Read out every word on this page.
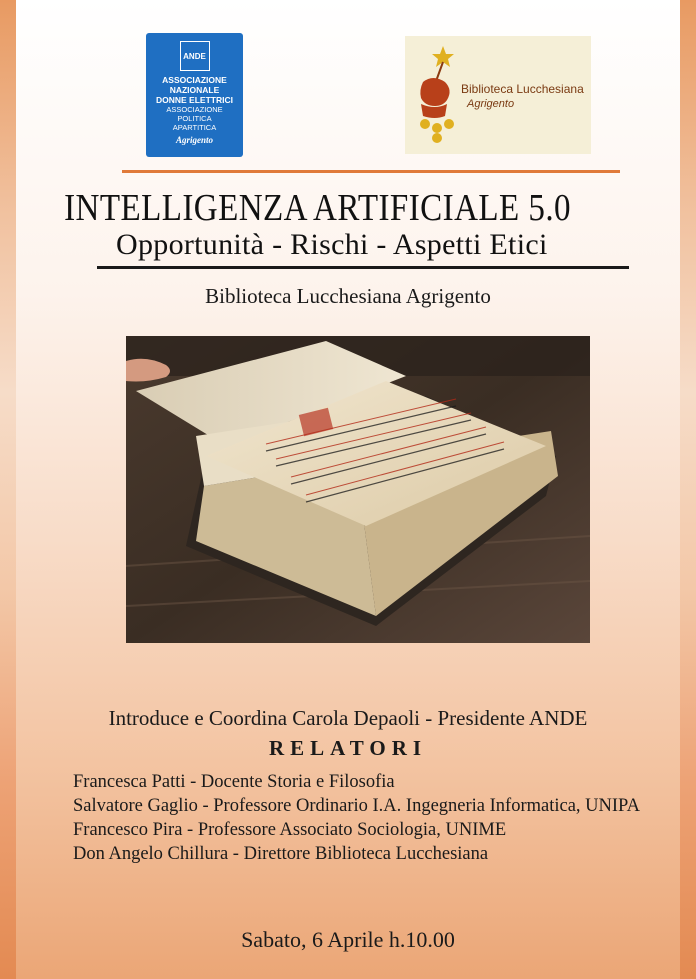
ANDE
ASSOCIAZIONE
NAZIONALE
DONNE ELETTRICI
ASSOCIAZIONE
POLITICA
APARTITICA
Agrigento
Biblioteca Lucchesiana
Agrigento
INTELLIGENZA ARTIFICIALE 5.0
Opportunità - Rischi - Aspetti Etici
Biblioteca Lucchesiana Agrigento
Introduce e Coordina Carola Depaoli - Presidente ANDE
RELATORI
Francesca Patti - Docente Storia e Filosofia
Salvatore Gaglio - Professore Ordinario I.A. Ingegneria Informatica, UNIPA
Francesco Pira - Professore Associato Sociologia, UNIME
Don Angelo Chillura - Direttore Biblioteca Lucchesiana
Sabato, 6 Aprile h.10.00
